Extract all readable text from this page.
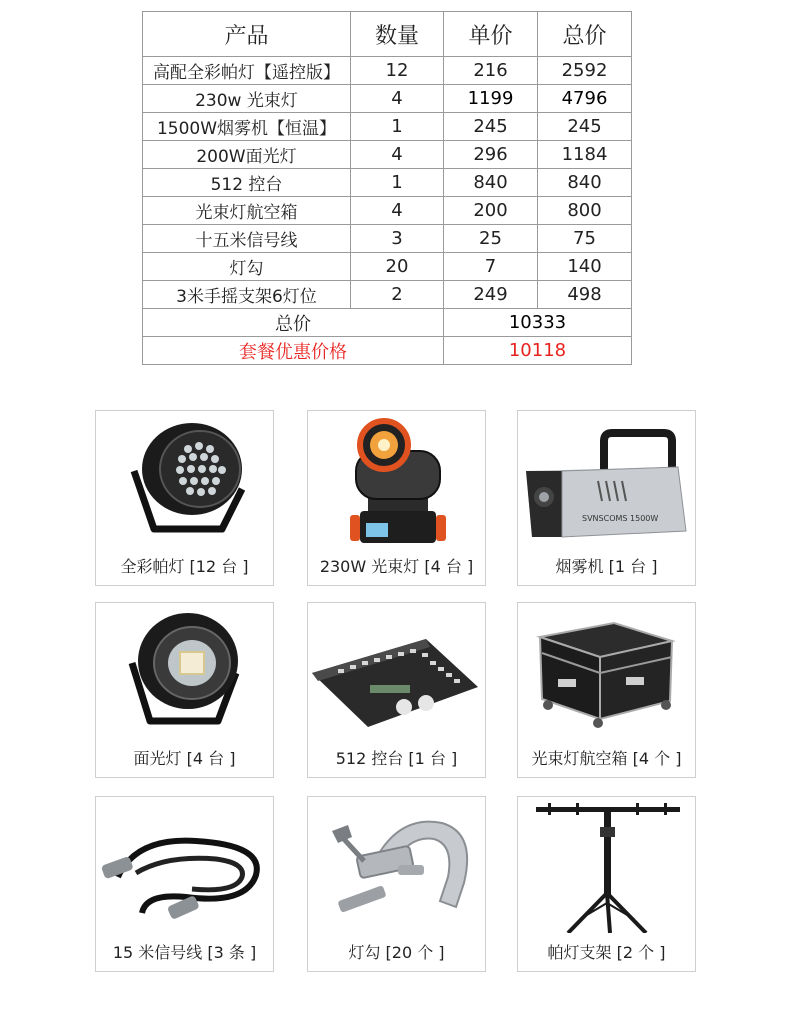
产品	数量	单价	总价
高配全彩帕灯【遥控版】	12	216	2592
230w 光束灯	4	1199	4796
1500W烟雾机【恒温】	1	245	245
200W面光灯	4	296	1184
512 控台	1	840	840
光束灯航空箱	4	200	800
十五米信号线	3	25	75
灯勾	20	7	140
3米手摇支架6灯位	2	249	498
总价		10333	
套餐优惠价格		10118	
全彩帕灯 [12 台 ]	230W 光束灯 [4 台 ]
SVNSCOMS 1500W
烟雾机 [1 台 ]
面光灯 [4 台 ]	512 控台 [1 台 ]	光束灯航空箱 [4 个 ]
15 米信号线 [3 条 ]	灯勾 [20 个 ]	帕灯支架 [2 个 ]
